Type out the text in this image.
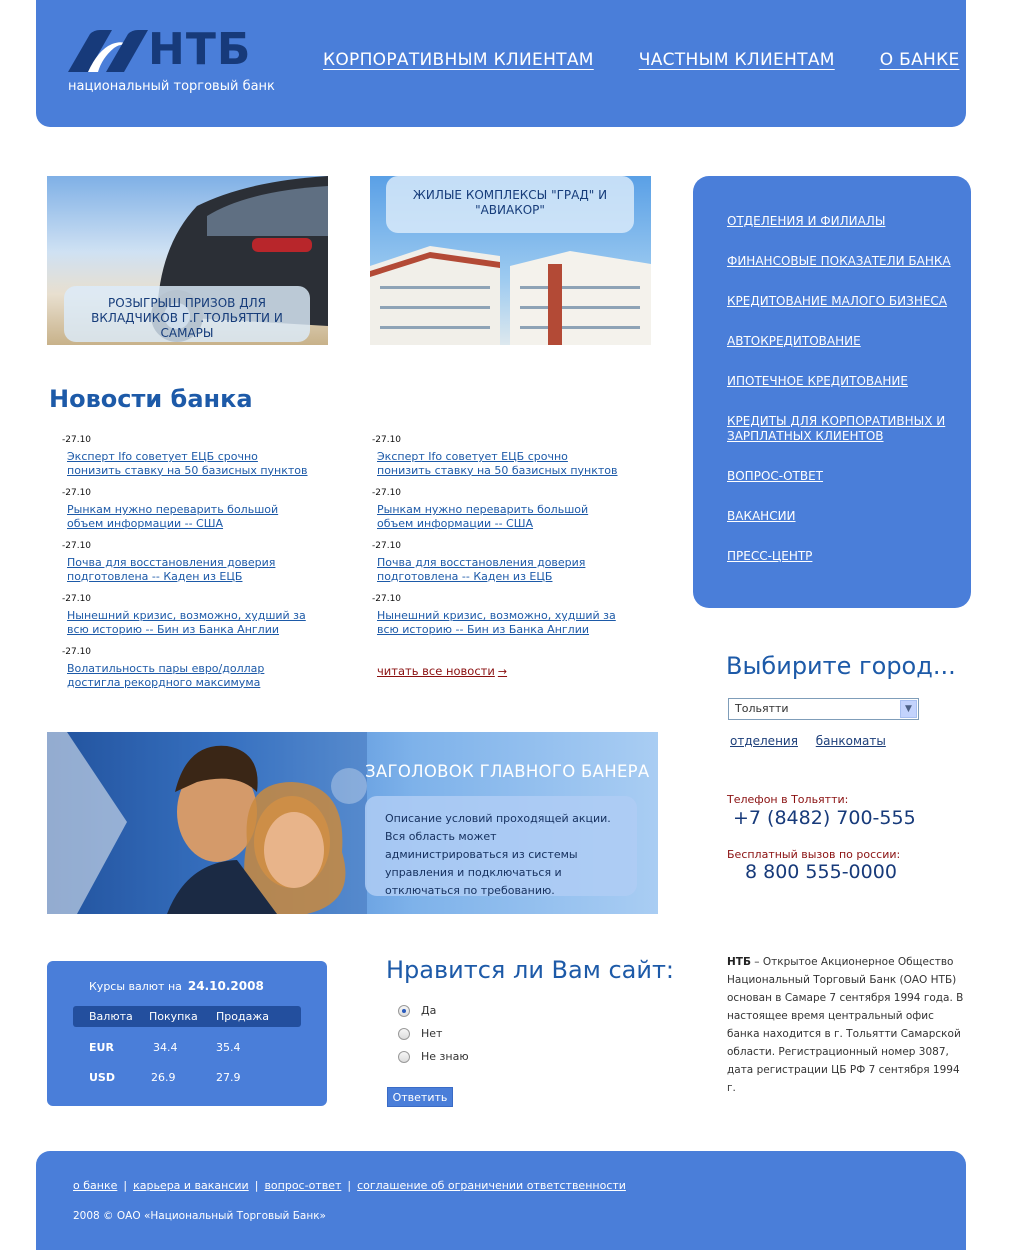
НТБ
национальный торговый банк
КОРПОРАТИВНЫМ КЛИЕНТАМ	ЧАСТНЫМ КЛИЕНТАМ	О БАНКЕ
РОЗЫГРЫШ ПРИЗОВ ДЛЯ ВКЛАДЧИКОВ Г.Г.ТОЛЬЯТТИ И САМАРЫ
ЖИЛЫЕ КОМПЛЕКСЫ "ГРАД" И "АВИАКОР"
Новости банка
-27.10
Эксперт Ifo советует ЕЦБ срочно понизить ставку на 50 базисных пунктов
-27.10
Рынкам нужно переварить большой объем информации -- США
-27.10
Почва для восстановления доверия подготовлена -- Каден из ЕЦБ
-27.10
Нынешний кризис, возможно, худший за всю историю -- Бин из Банка Англии
-27.10
Волатильность пары евро/доллар достигла рекордного максимума
-27.10
Эксперт Ifo советует ЕЦБ срочно понизить ставку на 50 базисных пунктов
-27.10
Рынкам нужно переварить большой объем информации -- США
-27.10
Почва для восстановления доверия подготовлена -- Каден из ЕЦБ
-27.10
Нынешний кризис, возможно, худший за всю историю -- Бин из Банка Англии
читать все новости →
ЗАГОЛОВОК ГЛАВНОГО БАНЕРА
Описание условий проходящей акции. Вся область может администрироваться из системы управления и подключаться и отключаться по требованию.
ОТДЕЛЕНИЯ И ФИЛИАЛЫ
ФИНАНСОВЫЕ ПОКАЗАТЕЛИ БАНКА
КРЕДИТОВАНИЕ МАЛОГО БИЗНЕСА
АВТОКРЕДИТОВАНИЕ
ИПОТЕЧНОЕ КРЕДИТОВАНИЕ
КРЕДИТЫ ДЛЯ КОРПОРАТИВНЫХ И ЗАРПЛАТНЫХ КЛИЕНТОВ
ВОПРОС-ОТВЕТ
ВАКАНСИИ
ПРЕСС-ЦЕНТР
Выбирите город...
Тольятти	▼
отделения банкоматы
Телефон в Тольятти:
+7 (8482) 700-555
Бесплатный вызов по россии:
8 800 555-0000
Курсы валют на 24.10.2008
Валюта Покупка Продажа
EUR	34.4	35.4
USD	26.9	27.9
Нравится ли Вам сайт:
Да
Нет
Не знаю
Ответить
НТБ – Открытое Акционерное Общество Национальный Торговый Банк (ОАО НТБ) основан в Самаре 7 сентября 1994 года. В настоящее время центральный офис банка находится в г. Тольятти Самарской области. Регистрационный номер 3087, дата регистрации ЦБ РФ 7 сентября 1994 г.
о банке | карьера и вакансии | вопрос-ответ | соглашение об ограничении ответственности
2008 © ОАО «Национальный Торговый Банк»
